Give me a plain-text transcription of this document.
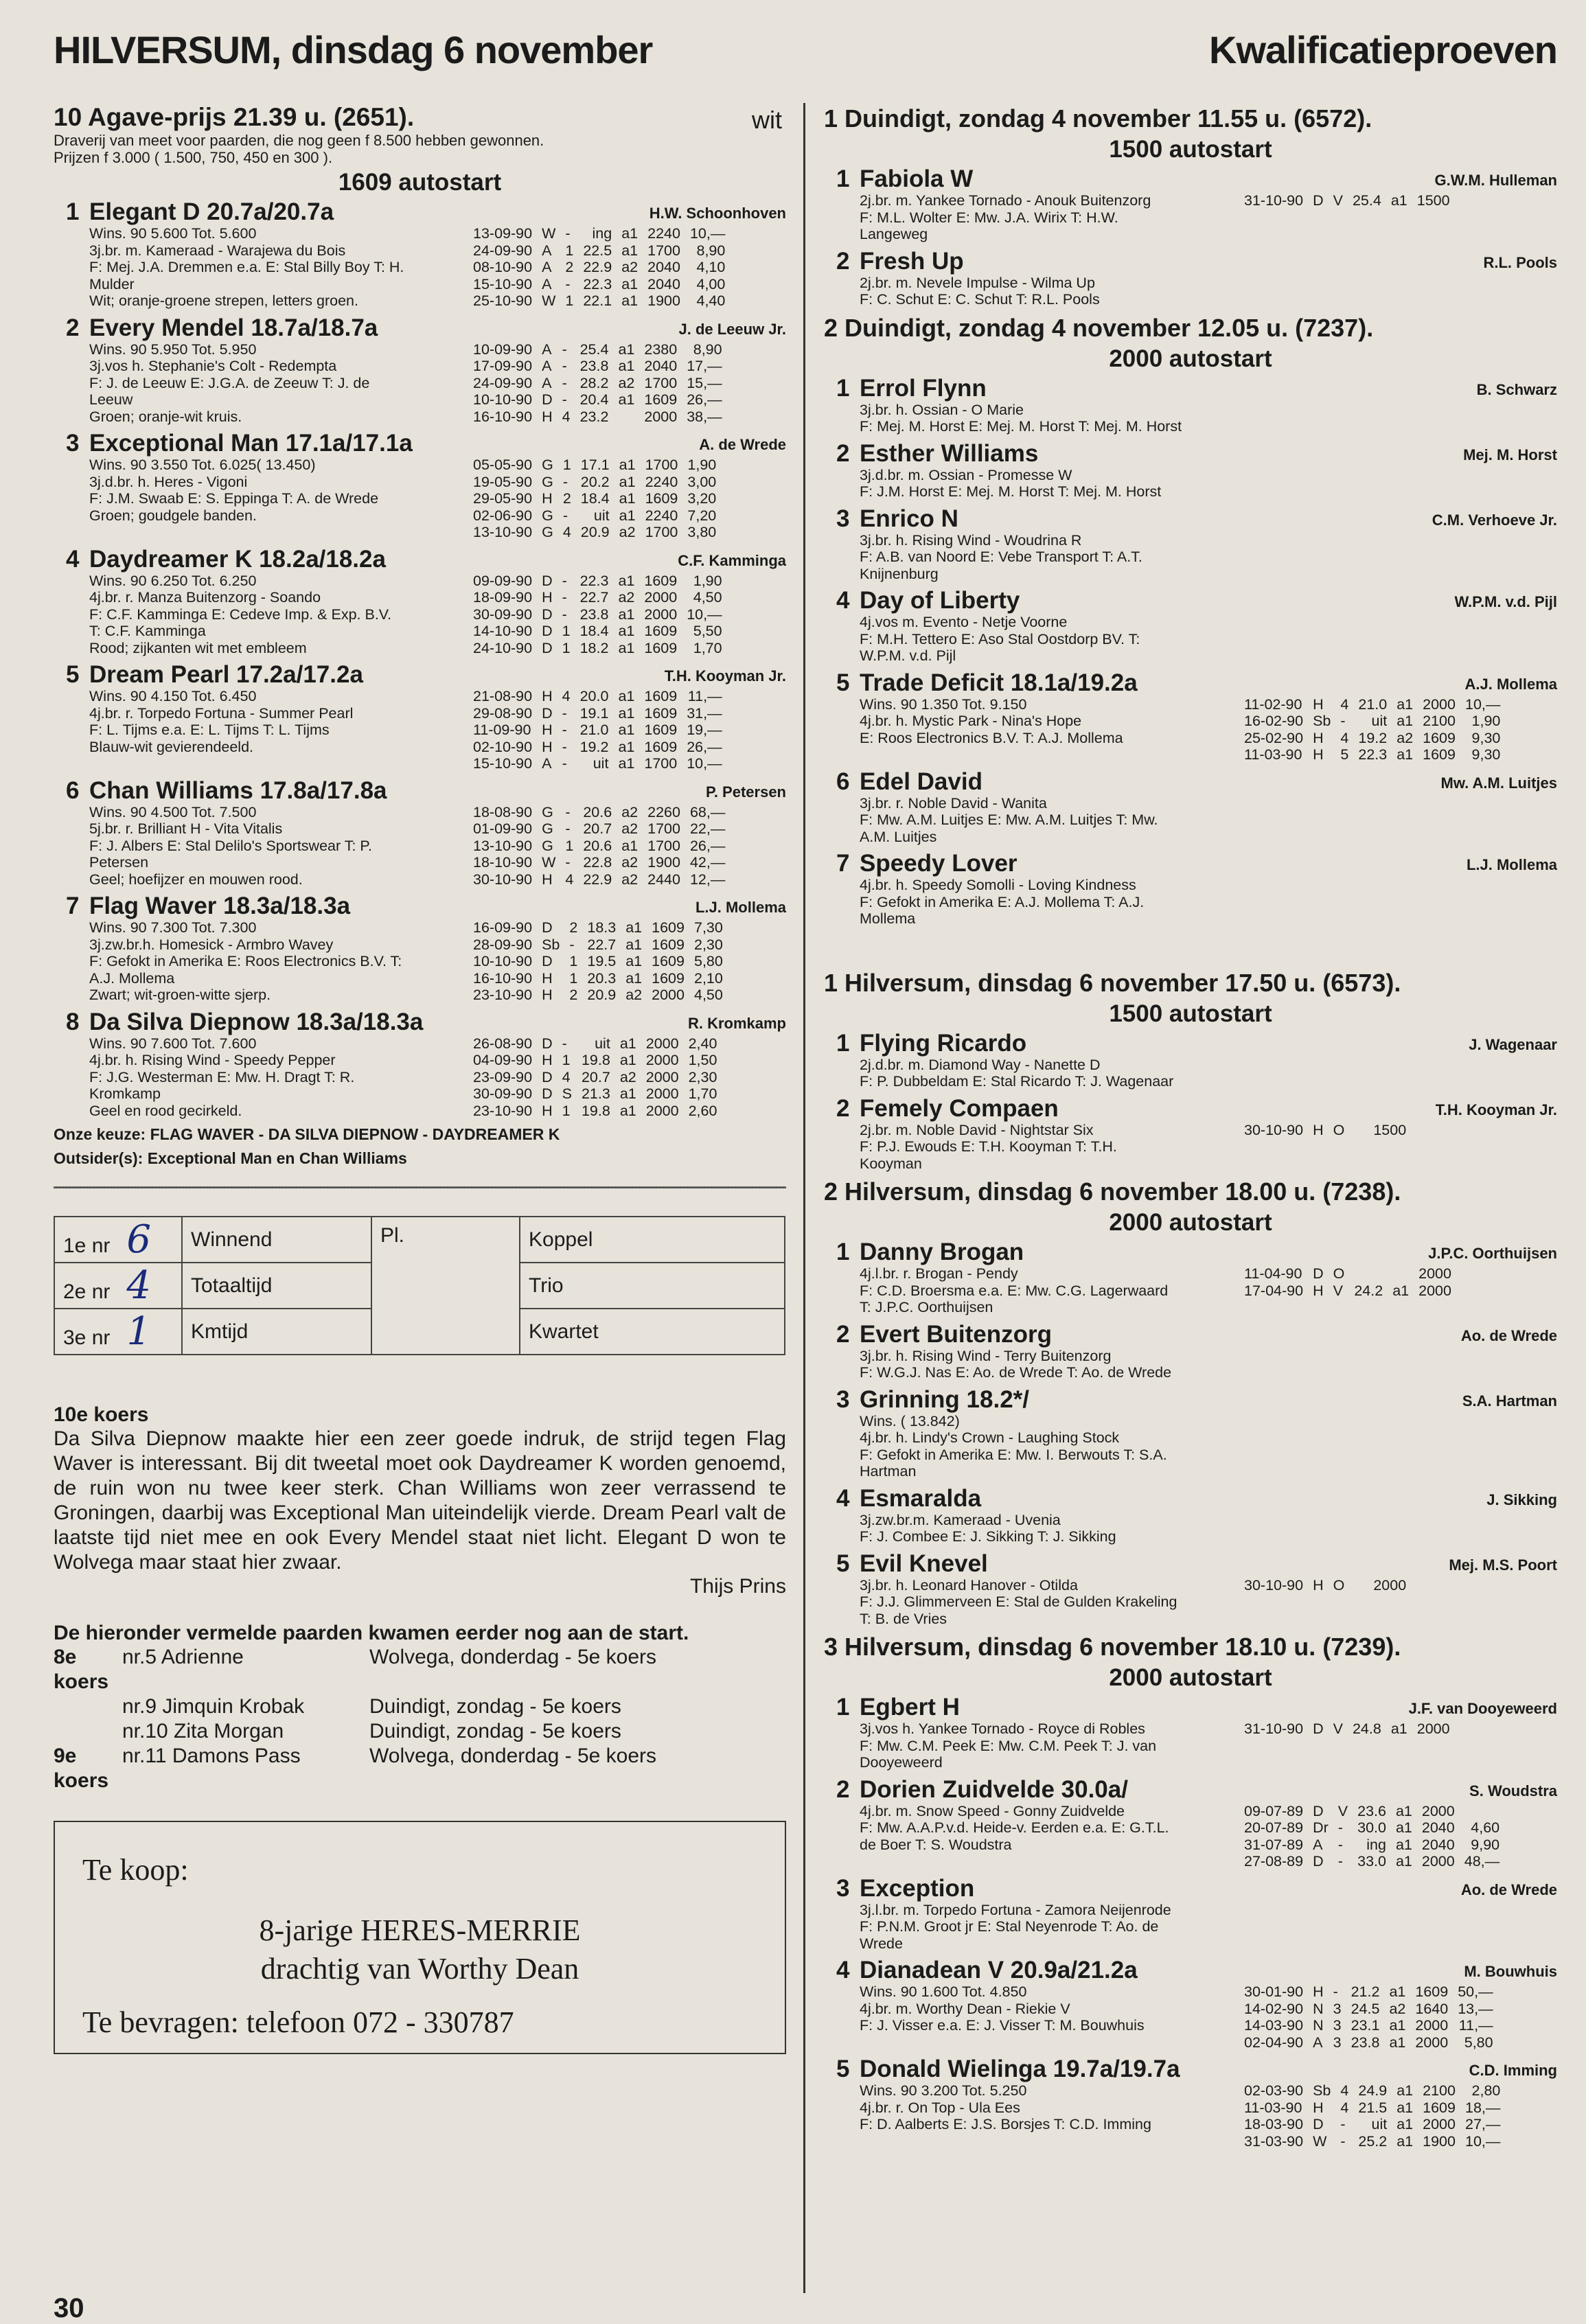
HILVERSUM, dinsdag 6 november	Kwalificatieproeven
10 Agave-prijs 21.39 u. (2651).	wit
Draverij van meet voor paarden, die nog geen f 8.500 hebben gewonnen.
Prijzen f 3.000 ( 1.500, 750, 450 en 300 ).
1609 autostart
1 Elegant D 20.7a/20.7a	H.W. Schoonhoven
Wins. 90 5.600 Tot. 5.600
3j.br. m. Kameraad - Warajewa du Bois
F: Mej. J.A. Dremmen e.a. E: Stal Billy Boy T: H.
Mulder
Wit; oranje-groene strepen, letters groen.
13-09-90	W	-	ing	a1	2240	10,—
24-09-90	A	1	22.5	a1	1700	8,90
08-10-90	A	2	22.9	a2	2040	4,10
15-10-90	A	-	22.3	a1	2040	4,00
25-10-90	W	1	22.1	a1	1900	4,40
2 Every Mendel 18.7a/18.7a	J. de Leeuw Jr.
Wins. 90 5.950 Tot. 5.950
3j.vos h. Stephanie's Colt - Redempta
F: J. de Leeuw E: J.G.A. de Zeeuw T: J. de
Leeuw
Groen; oranje-wit kruis.
10-09-90	A	-	25.4	a1	2380	8,90
17-09-90	A	-	23.8	a1	2040	17,—
24-09-90	A	-	28.2	a2	1700	15,—
10-10-90	D	-	20.4	a1	1609	26,—
16-10-90	H	4	23.2		2000	38,—
3 Exceptional Man 17.1a/17.1a	A. de Wrede
Wins. 90 3.550 Tot. 6.025( 13.450)
3j.d.br. h. Heres - Vigoni
F: J.M. Swaab E: S. Eppinga T: A. de Wrede
Groen; goudgele banden.
05-05-90	G	1	17.1	a1	1700	1,90
19-05-90	G	-	20.2	a1	2240	3,00
29-05-90	H	2	18.4	a1	1609	3,20
02-06-90	G	-	uit	a1	2240	7,20
13-10-90	G	4	20.9	a2	1700	3,80
4 Daydreamer K 18.2a/18.2a	C.F. Kamminga
Wins. 90 6.250 Tot. 6.250
4j.br. r. Manza Buitenzorg - Soando
F: C.F. Kamminga E: Cedeve Imp. & Exp. B.V.
T: C.F. Kamminga
Rood; zijkanten wit met embleem
09-09-90	D	-	22.3	a1	1609	1,90
18-09-90	H	-	22.7	a2	2000	4,50
30-09-90	D	-	23.8	a1	2000	10,—
14-10-90	D	1	18.4	a1	1609	5,50
24-10-90	D	1	18.2	a1	1609	1,70
5 Dream Pearl 17.2a/17.2a	T.H. Kooyman Jr.
Wins. 90 4.150 Tot. 6.450
4j.br. r. Torpedo Fortuna - Summer Pearl
F: L. Tijms e.a. E: L. Tijms T: L. Tijms
Blauw-wit gevierendeeld.
21-08-90	H	4	20.0	a1	1609	11,—
29-08-90	D	-	19.1	a1	1609	31,—
11-09-90	H	-	21.0	a1	1609	19,—
02-10-90	H	-	19.2	a1	1609	26,—
15-10-90	A	-	uit	a1	1700	10,—
6 Chan Williams 17.8a/17.8a	P. Petersen
Wins. 90 4.500 Tot. 7.500
5j.br. r. Brilliant H - Vita Vitalis
F: J. Albers E: Stal Delilo's Sportswear T: P.
Petersen
Geel; hoefijzer en mouwen rood.
18-08-90	G	-	20.6	a2	2260	68,—
01-09-90	G	-	20.7	a2	1700	22,—
13-10-90	G	1	20.6	a1	1700	26,—
18-10-90	W	-	22.8	a2	1900	42,—
30-10-90	H	4	22.9	a2	2440	12,—
7 Flag Waver 18.3a/18.3a	L.J. Mollema
Wins. 90 7.300 Tot. 7.300
3j.zw.br.h. Homesick - Armbro Wavey
F: Gefokt in Amerika E: Roos Electronics B.V. T:
A.J. Mollema
Zwart; wit-groen-witte sjerp.
16-09-90	D	2	18.3	a1	1609	7,30
28-09-90	Sb	-	22.7	a1	1609	2,30
10-10-90	D	1	19.5	a1	1609	5,80
16-10-90	H	1	20.3	a1	1609	2,10
23-10-90	H	2	20.9	a2	2000	4,50
8 Da Silva Diepnow 18.3a/18.3a	R. Kromkamp
Wins. 90 7.600 Tot. 7.600
4j.br. h. Rising Wind - Speedy Pepper
F: J.G. Westerman E: Mw. H. Dragt T: R.
Kromkamp
Geel en rood gecirkeld.
26-08-90	D	-	uit	a1	2000	2,40
04-09-90	H	1	19.8	a1	2000	1,50
23-09-90	D	4	20.7	a2	2000	2,30
30-09-90	D	S	21.3	a1	2000	1,70
23-10-90	H	1	19.8	a1	2000	2,60
Onze keuze: FLAG WAVER - DA SILVA DIEPNOW - DAYDREAMER K
Outsider(s): Exceptional Man en Chan Williams
1e nr 6	Winnend	Pl.	Koppel
2e nr 4	Totaaltijd		Trio
3e nr 1	Kmtijd		Kwartet
10e koers
Da Silva Diepnow maakte hier een zeer goede indruk, de strijd tegen Flag Waver is interessant. Bij dit tweetal moet ook Daydreamer K worden genoemd, de ruin won nu twee keer sterk. Chan Williams won zeer verrassend te Groningen, daarbij was Exceptional Man uiteindelijk vierde. Dream Pearl valt de laatste tijd niet mee en ook Every Mendel staat niet licht. Elegant D won te Wolvega maar staat hier zwaar.
Thijs Prins
De hieronder vermelde paarden kwamen eerder nog aan de start.
8e koers
nr.5 Adrienne	Wolvega, donderdag - 5e koers
nr.9 Jimquin Krobak	Duindigt, zondag - 5e koers
nr.10 Zita Morgan	Duindigt, zondag - 5e koers
9e koers
nr.11 Damons Pass	Wolvega, donderdag - 5e koers
Te koop:
8-jarige HERES-MERRIE
drachtig van Worthy Dean
Te bevragen: telefoon 072 - 330787
1 Duindigt, zondag 4 november 11.55 u. (6572).
1500 autostart
1 Fabiola W	G.W.M. Hulleman
2j.br. m. Yankee Tornado - Anouk Buitenzorg
F: M.L. Wolter E: Mw. J.A. Wirix T: H.W.
Langeweg
31-10-90	D	V	25.4	a1	1500	
2 Fresh Up	R.L. Pools
2j.br. m. Nevele Impulse - Wilma Up
F: C. Schut E: C. Schut T: R.L. Pools
2 Duindigt, zondag 4 november 12.05 u. (7237).
2000 autostart
1 Errol Flynn	B. Schwarz
3j.br. h. Ossian - O Marie
F: Mej. M. Horst E: Mej. M. Horst T: Mej. M. Horst
2 Esther Williams	Mej. M. Horst
3j.d.br. m. Ossian - Promesse W
F: J.M. Horst E: Mej. M. Horst T: Mej. M. Horst
3 Enrico N	C.M. Verhoeve Jr.
3j.br. h. Rising Wind - Woudrina R
F: A.B. van Noord E: Vebe Transport T: A.T.
Knijnenburg
4 Day of Liberty	W.P.M. v.d. Pijl
4j.vos m. Evento - Netje Voorne
F: M.H. Tettero E: Aso Stal Oostdorp BV. T:
W.P.M. v.d. Pijl
5 Trade Deficit 18.1a/19.2a	A.J. Mollema
Wins. 90 1.350 Tot. 9.150
4j.br. h. Mystic Park - Nina's Hope
E: Roos Electronics B.V. T: A.J. Mollema
11-02-90	H	4	21.0	a1	2000	10,—
16-02-90	Sb	-	uit	a1	2100	1,90
25-02-90	H	4	19.2	a2	1609	9,30
11-03-90	H	5	22.3	a1	1609	9,30
6 Edel David	Mw. A.M. Luitjes
3j.br. r. Noble David - Wanita
F: Mw. A.M. Luitjes E: Mw. A.M. Luitjes T: Mw.
A.M. Luitjes
7 Speedy Lover	L.J. Mollema
4j.br. h. Speedy Somolli - Loving Kindness
F: Gefokt in Amerika E: A.J. Mollema T: A.J.
Mollema
1 Hilversum, dinsdag 6 november 17.50 u. (6573).
1500 autostart
1 Flying Ricardo	J. Wagenaar
2j.d.br. m. Diamond Way - Nanette D
F: P. Dubbeldam E: Stal Ricardo T: J. Wagenaar
2 Femely Compaen	T.H. Kooyman Jr.
2j.br. m. Noble David - Nightstar Six
F: P.J. Ewouds E: T.H. Kooyman T: T.H.
Kooyman
30-10-90	H	O			1500	
2 Hilversum, dinsdag 6 november 18.00 u. (7238).
2000 autostart
1 Danny Brogan	J.P.C. Oorthuijsen
4j.l.br. r. Brogan - Pendy
F: C.D. Broersma e.a. E: Mw. C.G. Lagerwaard
T: J.P.C. Oorthuijsen
11-04-90	D	O			2000	
17-04-90	H	V	24.2	a1	2000	
2 Evert Buitenzorg	Ao. de Wrede
3j.br. h. Rising Wind - Terry Buitenzorg
F: W.G.J. Nas E: Ao. de Wrede T: Ao. de Wrede
3 Grinning 18.2*/	S.A. Hartman
Wins. ( 13.842)
4j.br. h. Lindy's Crown - Laughing Stock
F: Gefokt in Amerika E: Mw. I. Berwouts T: S.A.
Hartman
4 Esmaralda	J. Sikking
3j.zw.br.m. Kameraad - Uvenia
F: J. Combee E: J. Sikking T: J. Sikking
5 Evil Knevel	Mej. M.S. Poort
3j.br. h. Leonard Hanover - Otilda
F: J.J. Glimmerveen E: Stal de Gulden Krakeling
T: B. de Vries
30-10-90	H	O			2000	
3 Hilversum, dinsdag 6 november 18.10 u. (7239).
2000 autostart
1 Egbert H	J.F. van Dooyeweerd
3j.vos h. Yankee Tornado - Royce di Robles
F: Mw. C.M. Peek E: Mw. C.M. Peek T: J. van
Dooyeweerd
31-10-90	D	V	24.8	a1	2000	
2 Dorien Zuidvelde 30.0a/	S. Woudstra
4j.br. m. Snow Speed - Gonny Zuidvelde
F: Mw. A.A.P.v.d. Heide-v. Eerden e.a. E: G.T.L.
de Boer T: S. Woudstra
09-07-89	D	V	23.6	a1	2000	
20-07-89	Dr	-	30.0	a1	2040	4,60
31-07-89	A	-	ing	a1	2040	9,90
27-08-89	D	-	33.0	a1	2000	48,—
3 Exception	Ao. de Wrede
3j.l.br. m. Torpedo Fortuna - Zamora Neijenrode
F: P.N.M. Groot jr E: Stal Neyenrode T: Ao. de
Wrede
4 Dianadean V 20.9a/21.2a	M. Bouwhuis
Wins. 90 1.600 Tot. 4.850
4j.br. m. Worthy Dean - Riekie V
F: J. Visser e.a. E: J. Visser T: M. Bouwhuis
30-01-90	H	-	21.2	a1	1609	50,—
14-02-90	N	3	24.5	a2	1640	13,—
14-03-90	N	3	23.1	a1	2000	11,—
02-04-90	A	3	23.8	a1	2000	5,80
5 Donald Wielinga 19.7a/19.7a	C.D. Imming
Wins. 90 3.200 Tot. 5.250
4j.br. r. On Top - Ula Ees
F: D. Aalberts E: J.S. Borsjes T: C.D. Imming
02-03-90	Sb	4	24.9	a1	2100	2,80
11-03-90	H	4	21.5	a1	1609	18,—
18-03-90	D	-	uit	a1	2000	27,—
31-03-90	W	-	25.2	a1	1900	10,—
30
